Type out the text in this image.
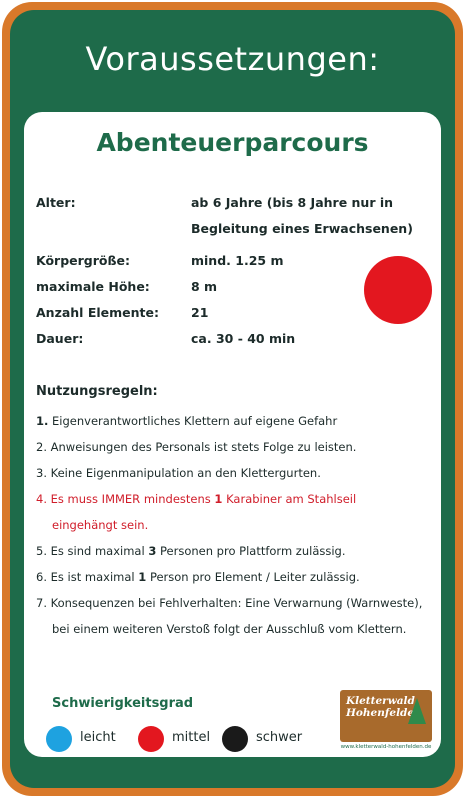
Voraussetzungen:
Abenteuerparcours
Alter:	ab 6 Jahre (bis 8 Jahre nur in
Begleitung eines Erwachsenen)
Körpergröße:	mind. 1.25 m
maximale Höhe:	8 m
Anzahl Elemente:	21
Dauer:	ca. 30 - 40 min
Nutzungsregeln:
1. Eigenverantwortliches Klettern auf eigene Gefahr
2. Anweisungen des Personals ist stets Folge zu leisten.
3. Keine Eigenmanipulation an den Klettergurten.
4. Es muss IMMER mindestens 1 Karabiner am Stahlseil
eingehängt sein.
5. Es sind maximal 3 Personen pro Plattform zulässig.
6. Es ist maximal 1 Person pro Element / Leiter zulässig.
7. Konsequenzen bei Fehlverhalten: Eine Verwarnung (Warnweste),
bei einem weiteren Verstoß folgt der Ausschluß vom Klettern.
Schwierigkeitsgrad
leicht	mittel	schwer
Kletterwald
Hohenfelden
www.kletterwald-hohenfelden.de
